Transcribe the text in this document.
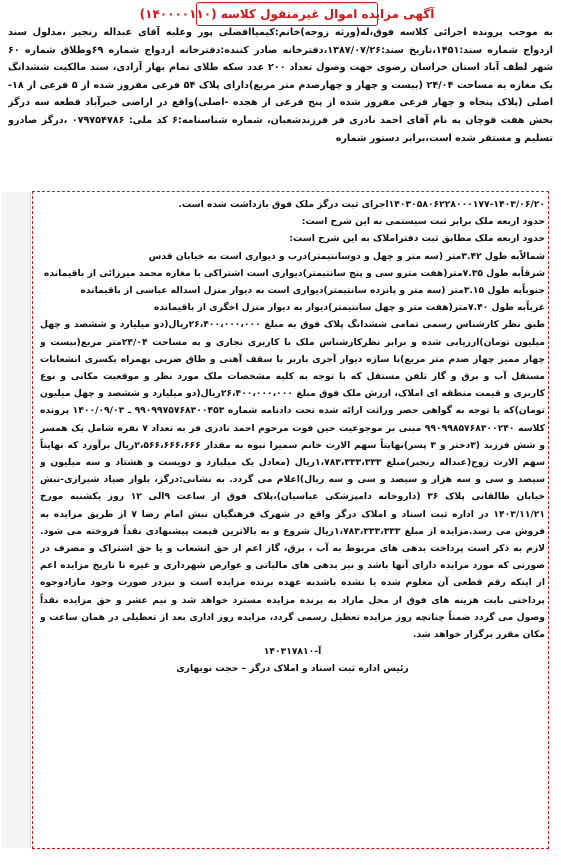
آگهی مزایده اموال غیرمنقول کلاسه (۱۴۰۰۰۰۱۱۰)

به موجب پرونده اجرائی کلاسه فوق،له(ورثه زوجه)خانم:کیمیاافضلی پور وعلیه آقای عبداله رنجبر ،مدلول سند ازدواج شماره سند:۱۴۵۱،تاریخ سند:۱۳۸۷/۰۷/۲۶،دفترخانه صادر کننده:دفترخانه ازدواج شماره ۶۹وطلاق شماره ۶۰ شهر لطف آباد استان خراسان رضوی جهت وصول تعداد ۲۰۰ عدد سکه طلای تمام بهار آزادی، سند مالکیت ششدانگ یک مغازه به مساحت ۲۴/۰۴ (بیست و چهار و چهارصدم متر مربع)دارای پلاک ۵۴ فرعی مفروز شده از ۵ فرعی از ۱۸-اصلی (پلاک پنجاه و چهار فرعی مفروز شده از پنج فرعی از هجده -اصلی)واقع در اراضی خیرآباد قطعه سه درگز بخش هفت قوچان به نام آقای احمد نادری فر فرزندشعبان، شماره شناسنامه:۶ کد ملی: ۰۷۹۷۵۴۷۸۶ ،درگز صادرو تسلیم و مستقر شده است،برابر دستور شماره

۱۴۰۳۰۵۸۰۶۲۲۸۰۰۰۱۷۷-۱۴۰۳/۰۶/۲۰اجرای ثبت درگز ملک فوق بازداشت شده است.

حدود اربعه ملک برابر ثبت سیستمی به این شرح است:

حدود اربعه ملک مطابق ثبت دفتراملاک به این شرح است:

شمالاًبه طول ۳.۴۲متر (سه متر و چهل و دوسانتیمتر)درب و دیواری است به خیابان قدس

شرقاًبه طول ۷.۳۵متر(هفت مترو سی و پنج سانتیمتر)دیواری است اشتراکی با مغازه محمد میرزائی از باقیمانده

جنوباًبه طول ۳.۱۵متر (سه متر و پانزده سانتیمتر)دیواری است به دیوار منزل اسداله عباسی از باقیمانده

غرباًبه طول ۷.۴۰متر(هفت متر و چهل سانتیمتر)دیوار به دیوار منزل اخگری از باقیمانده

طبق نظر کارشناس رسمی تمامی ششدانگ پلاک فوق به مبلغ ۲۶،۴۰۰،۰۰۰،۰۰۰ریال(دو میلیارد و ششصد و چهل میلیون تومان)ارزیابی شده و برابر نظرکارشناس ملک با کاربری تجاری و به مساحت ۲۴/۰۴متر مربع(بیست و چهار ممیز چهار صدم متر مربع)با سازه دیوار آجری باربر با سقف آهنی و طاق ضربی بهمراه یکسری انشعابات مستقل آب و برق و گاز تلفن مستقل که با توجه به کلیه مشخصات ملک مورد نظر و موقعیت مکانی و نوع کاربری و قیمت منطقه ای املاک، ارزش ملک فوق مبلغ ۲۶،۴۰۰،۰۰۰،۰۰۰ریال(دو میلیارد و ششصد و چهل میلیون تومان)که با توجه به گواهی حصر وراثت ارائه شده تحت دادنامه شماره ۹۹۰۹۹۷۵۷۶۸۳۰۰۴۵۳ ـ ۱۴۰۰/۰۹/۰۳ پرونده کلاسه ۹۹۰۹۹۸۵۷۶۸۳۰۰۲۴۰ مبنی بر موجوعیت حین فوت مرحوم احمد نادری فر به تعداد ۷ نفره شامل یک همسر و شش فرزند (۳دختر و ۳ پسر)نهایتاً سهم الارث خانم سمیرا نبوه به مقدار ۲،۵۶۶،۶۶۶،۶۶۶ریال برآورد که نهایتاً سهم الارث زوج(عبداله رنجبر)مبلغ ۱،۷۸۳،۳۳۳،۳۳۳ریال (معادل یک میلیارد و دویست و هشتاد و سه میلیون و سیصد و سی و سه هزار و سیصد و سی و سه ریال)اعلام می گردد. به نشانی:درگز، بلوار صیاد شیرازی-نبش خیابان طالقانی پلاک ۳۶ (داروخانه دامپزشکی عباسیان)،پلاک فوق از ساعت ۹الی ۱۲ روز یکشنبه مورخ ۱۴۰۳/۱۱/۲۱ در اداره ثبت اسناد و املاک درگز واقع در شهرک فرهنگیان نبش امام رضا ۷ از طریق مزایده به فروش می رسد.مزایده از مبلغ ۱،۷۸۳،۳۳۳،۳۳۳ریال شروع و به بالاترین قیمت پیشنهادی نقداً فروخته می شود. لازم به ذکر است پرداخت بدهی های مربوط به آب ، برق، گاز اعم از حق انشعاب و یا حق اشتراک و مصرف در صورتی که مورد مزایده دارای آنها باشد و نیز بدهی های مالیاتی و عوارض شهرداری و غیره تا تاریخ مزایده اعم از اینکه رقم قطعی آن معلوم شده یا نشده باشدبه عهده برنده مزایده است و نیزدر صورت وجود مازادوجوه پرداختی بابت هزینه های فوق از محل مازاد به برنده مزایده مسترد خواهد شد و نیم عشر و حق مزایده نقداً وصول می گردد ضمناً چنانچه روز مزایده تعطیل رسمی گردد، مزایده روز اداری بعد از تعطیلی در همان ساعت و مکان مقرر برگزار خواهد شد.

آ-۱۴۰۳۱۷۸۱۰

رئیس اداره ثبت اسناد و املاک درگز – حجت نوبهاری
